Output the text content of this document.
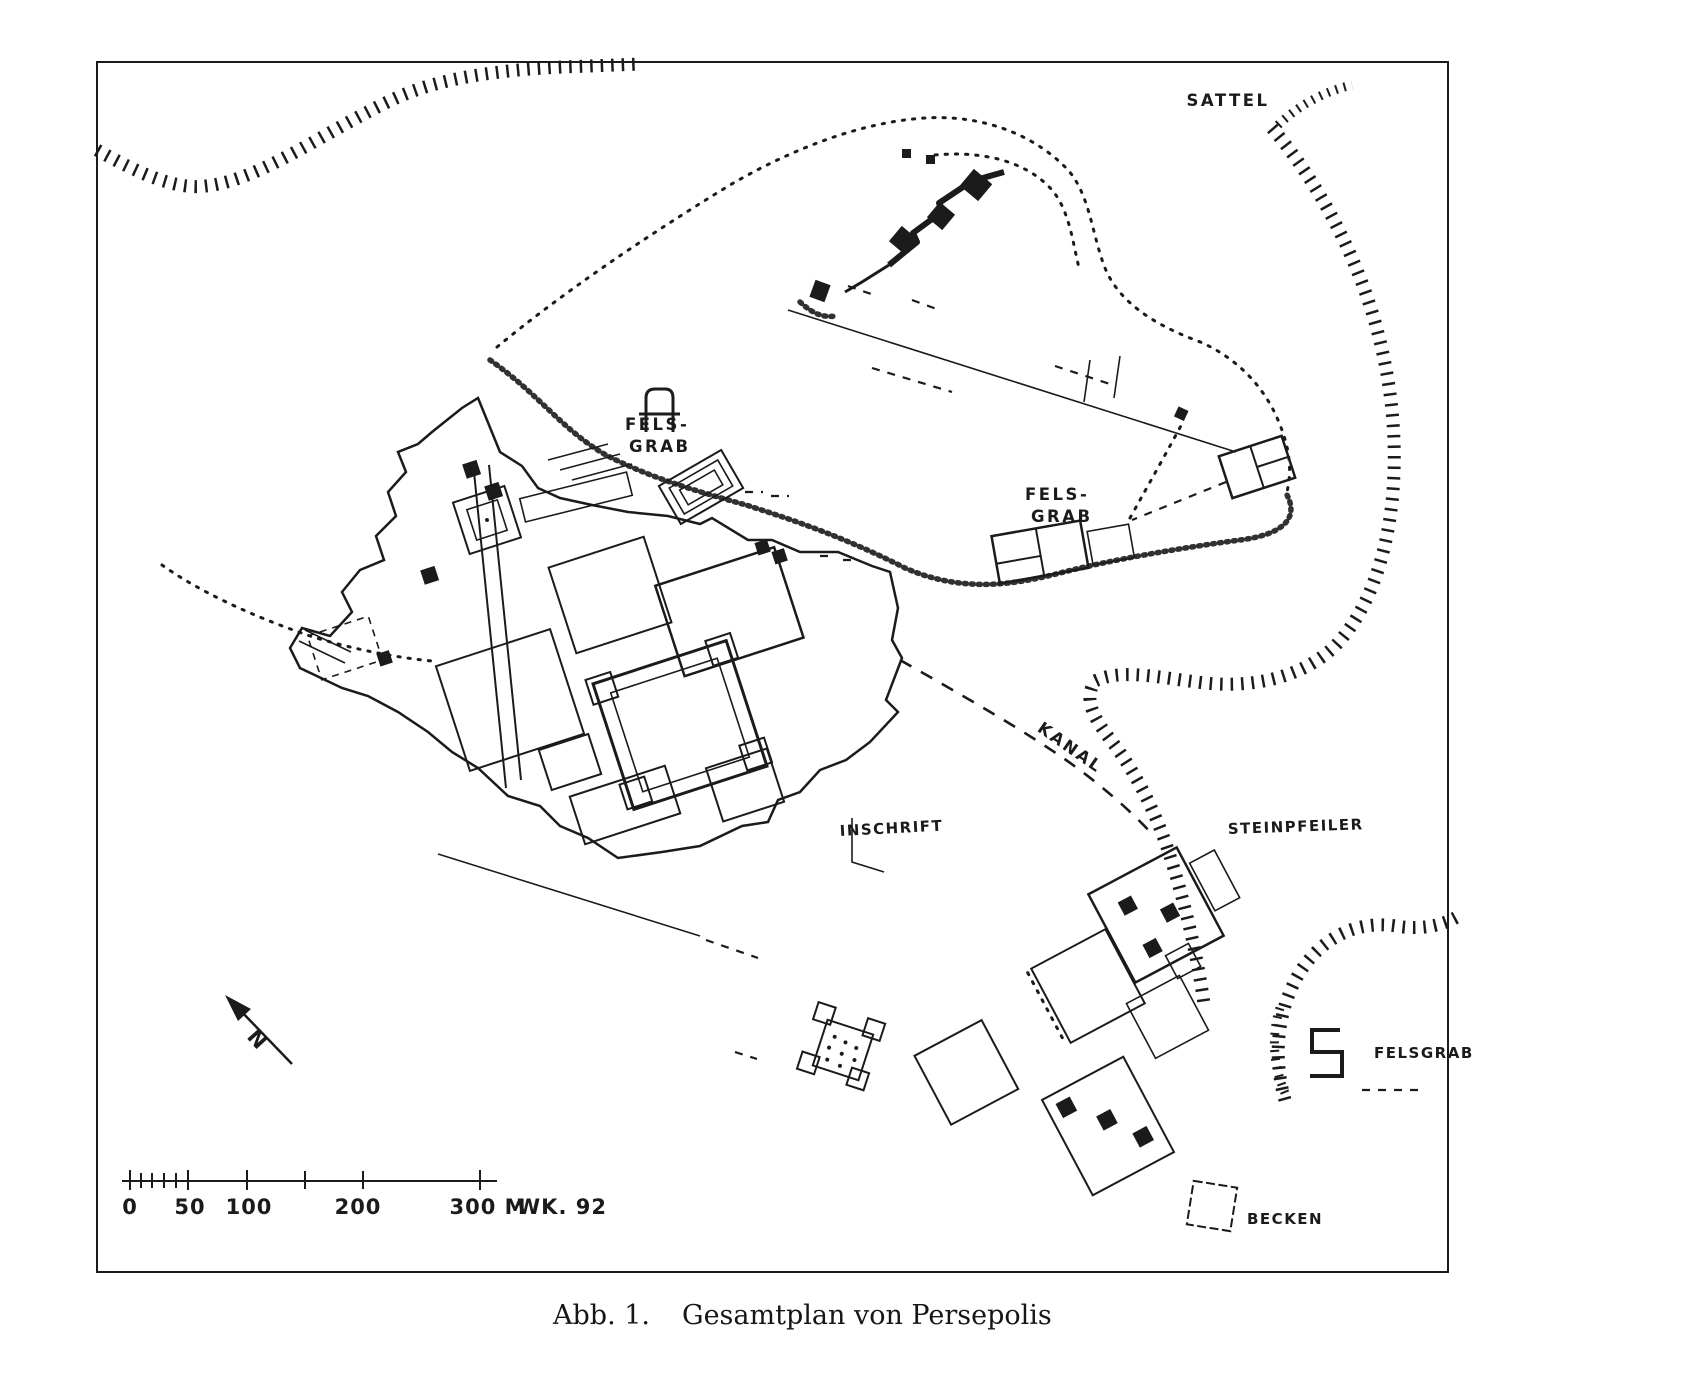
N
0 50 100	200	300 M
WK. 92
SATTEL
FELS-
GRAB
FELS-
GRAB
KANAL
STEINPFEILER
INSCHRIFT
FELSGRAB
BECKEN
Abb. 1. Gesamtplan von Persepolis
